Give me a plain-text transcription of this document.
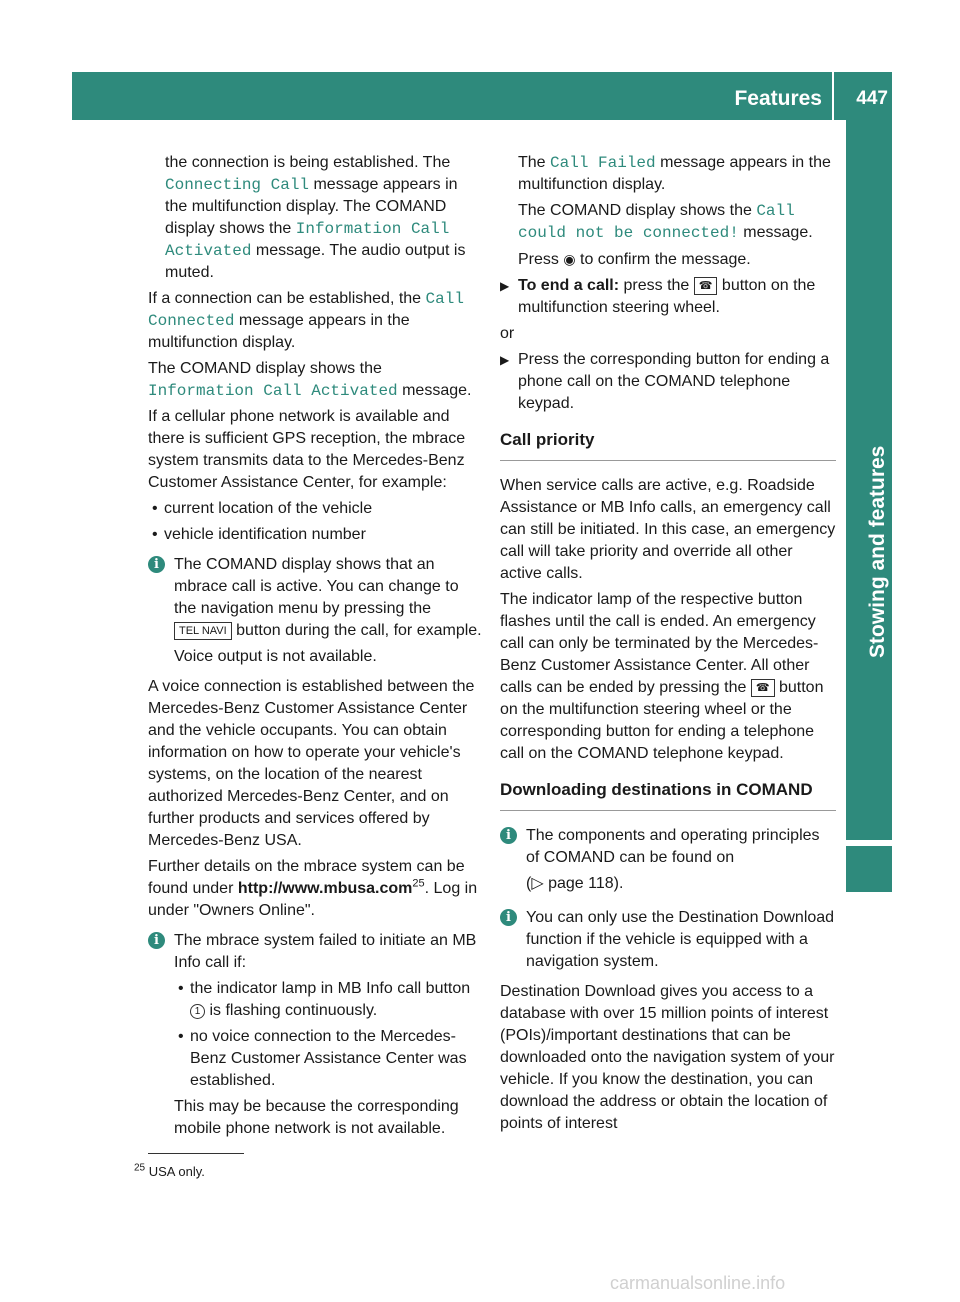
Features 447
Stowing and features

the connection is being established. The Connecting Call message appears in the multifunction display. The COMAND display shows the Information Call Activated message. The audio output is muted.

If a connection can be established, the Call Connected message appears in the multifunction display.

The COMAND display shows the Information Call Activated message.

If a cellular phone network is available and there is sufficient GPS reception, the mbrace system transmits data to the Mercedes-Benz Customer Assistance Center, for example:

• current location of the vehicle
• vehicle identification number
i The COMAND display shows that an mbrace call is active. You can change to the navigation menu by pressing the TEL NAVI button during the call, for example.

Voice output is not available.

A voice connection is established between the Mercedes-Benz Customer Assistance Center and the vehicle occupants. You can obtain information on how to operate your vehicle's systems, on the location of the nearest authorized Mercedes-Benz Center, and on further products and services offered by Mercedes-Benz USA.

Further details on the mbrace system can be found under http://www.mbusa.com$^{25}$. Log in under "Owners Online".

i The mbrace system failed to initiate an MB Info call if:

• the indicator lamp in MB Info call button 1 is flashing continuously.
• no voice connection to the Mercedes-Benz Customer Assistance Center was established.

This may be because the corresponding mobile phone network is not available.

The Call Failed message appears in the multifunction display.

The COMAND display shows the Call could not be connected! message.

Press ◉ to confirm the message.

▶ To end a call: press the ☎ button on the multifunction steering wheel.

or

▶ Press the corresponding button for ending a phone call on the COMAND telephone keypad.
Call priority

When service calls are active, e.g. Roadside Assistance or MB Info calls, an emergency call can still be initiated. In this case, an emergency call will take priority and override all other active calls.

The indicator lamp of the respective button flashes until the call is ended. An emergency call can only be terminated by the Mercedes-Benz Customer Assistance Center. All other calls can be ended by pressing the ☎ button on the multifunction steering wheel or the corresponding button for ending a telephone call on the COMAND telephone keypad.

Downloading destinations in COMAND
i The components and operating principles of COMAND can be found on

(▷ page 118).

i You can only use the Destination Download function if the vehicle is equipped with a navigation system.

Destination Download gives you access to a database with over 15 million points of interest (POIs)/important destinations that can be downloaded onto the navigation system of your vehicle. If you know the destination, you can download the address or obtain the location of points of interest

$^{25}$ USA only.
carmanualsonline.info
